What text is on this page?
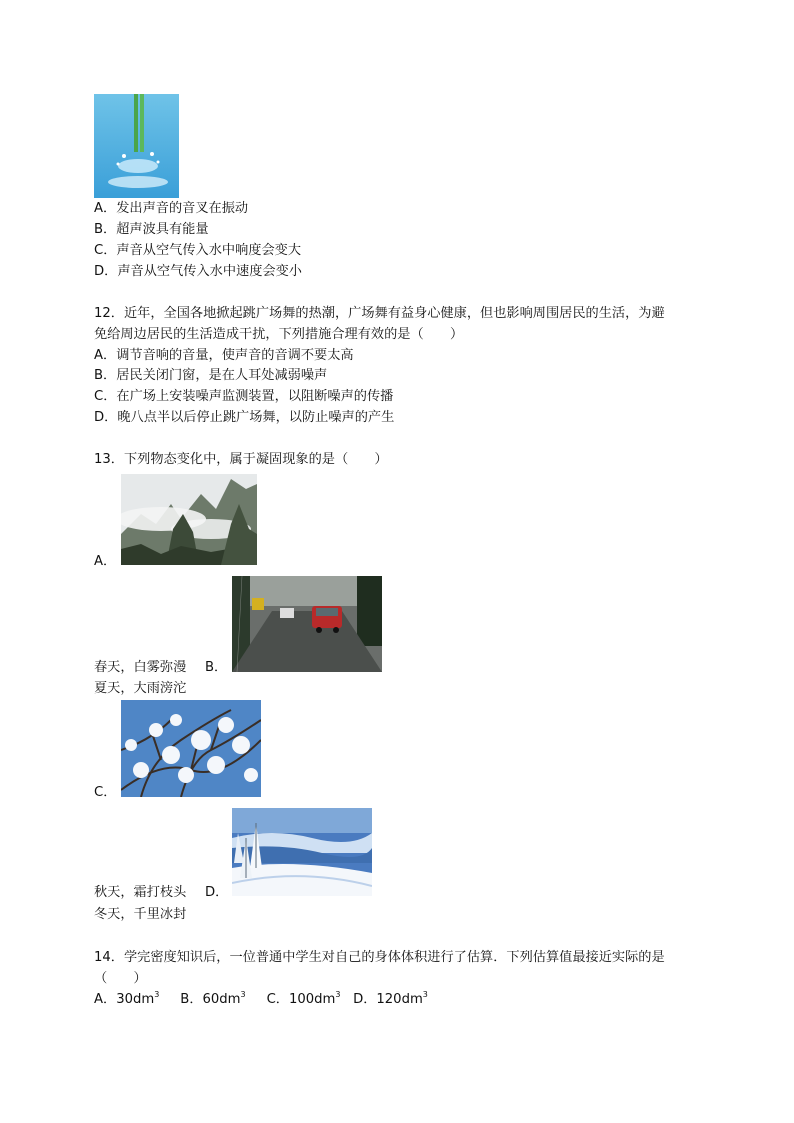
A．发出声音的音叉在振动
B．超声波具有能量
C．声音从空气传入水中响度会变大
D．声音从空气传入水中速度会变小
12．近年，全国各地掀起跳广场舞的热潮，广场舞有益身心健康，但也影响周围居民的生活，为避
免给周边居民的生活造成干扰，下列措施合理有效的是（　　）
A．调节音响的音量，使声音的音调不要太高
B．居民关闭门窗，是在人耳处减弱噪声
C．在广场上安装噪声监测装置，以阻断噪声的传播
D．晚八点半以后停止跳广场舞，以防止噪声的产生
13．下列物态变化中，属于凝固现象的是（　　）
A．
春天，白雾弥漫 B．
夏天，大雨滂沱
C．
秋天，霜打枝头 D．
冬天，千里冰封
14．学完密度知识后，一位普通中学生对自己的身体体积进行了估算．下列估算值最接近实际的是
（　　）
A．$30dm^3$ B．$60dm^3$ C．$100dm^3$ D．$120dm^3$
